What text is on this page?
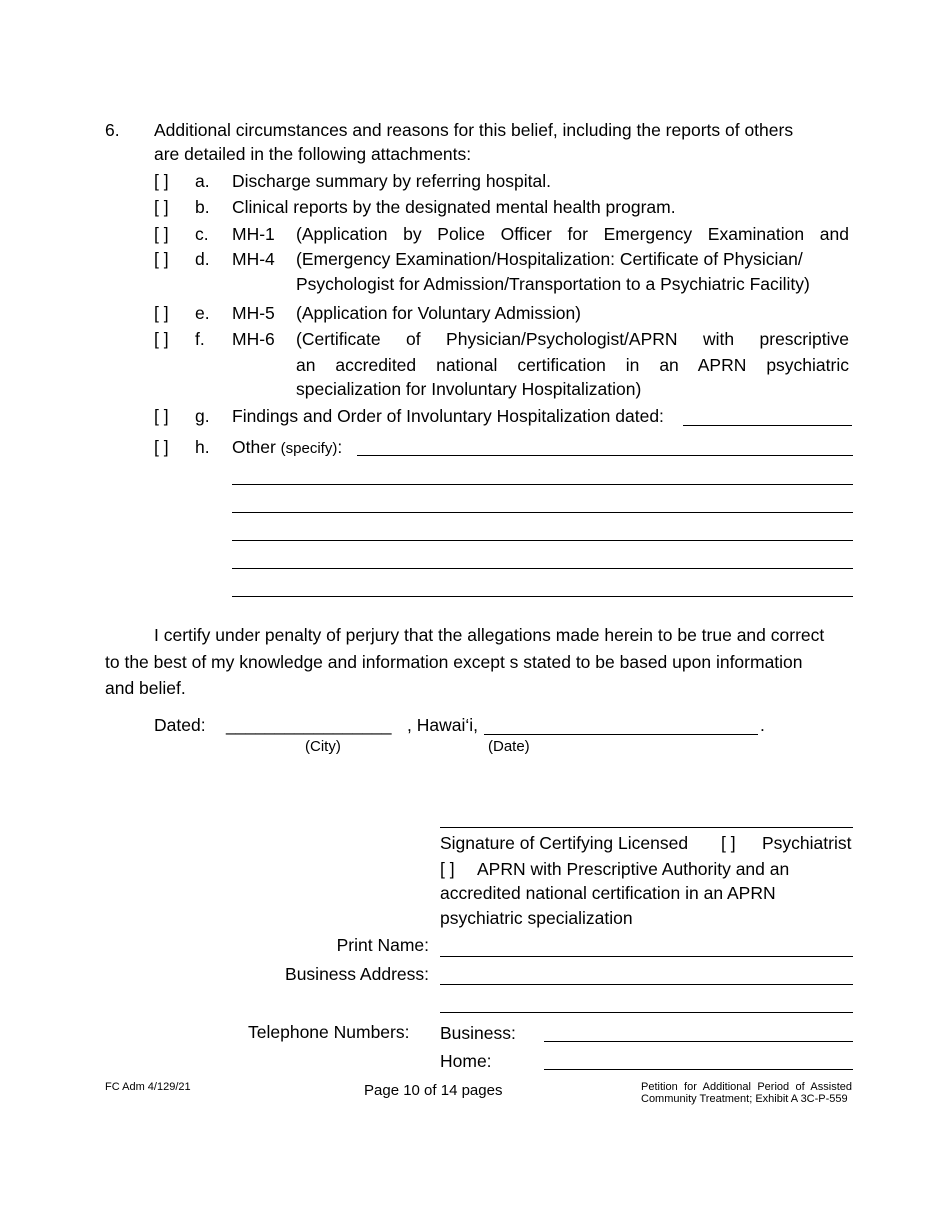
6. Additional circumstances and reasons for this belief, including the reports of others
are detailed in the following attachments:
[ ] a. Discharge summary by referring hospital.
[ ] b. Clinical reports by the designated mental health program.
[ ] c. MH-1 (Application by Police Officer for Emergency Examination and
[ ] d. MH-4 (Emergency Examination/Hospitalization: Certificate of Physician/
Psychologist for Admission/Transportation to a Psychiatric Facility)
[ ] e. MH-5 (Application for Voluntary Admission)
[ ] f. MH-6 (Certificate of Physician/Psychologist/APRN with prescriptive
an accredited national certification in an APRN psychiatric
specialization for Involuntary Hospitalization)
[ ] g. Findings and Order of Involuntary Hospitalization dated:
[ ] h. Other (specify):
I certify under penalty of perjury that the allegations made herein to be true and correct
to the best of my knowledge and information except s stated to be based upon information
and belief.
Dated: _________________ , Hawai‘i,	.
(City)	(Date)
Signature of Certifying Licensed [ ] Psychiatrist
[ ] APRN with Prescriptive Authority and an
accredited national certification in an APRN
psychiatric specialization
Print Name:
Business Address:
Telephone Numbers: Business:
Home:
FC Adm 4/129/21	Page 10 of 14 pages	Petition for Additional Period of Assisted
Community Treatment; Exhibit A 3C-P-559
